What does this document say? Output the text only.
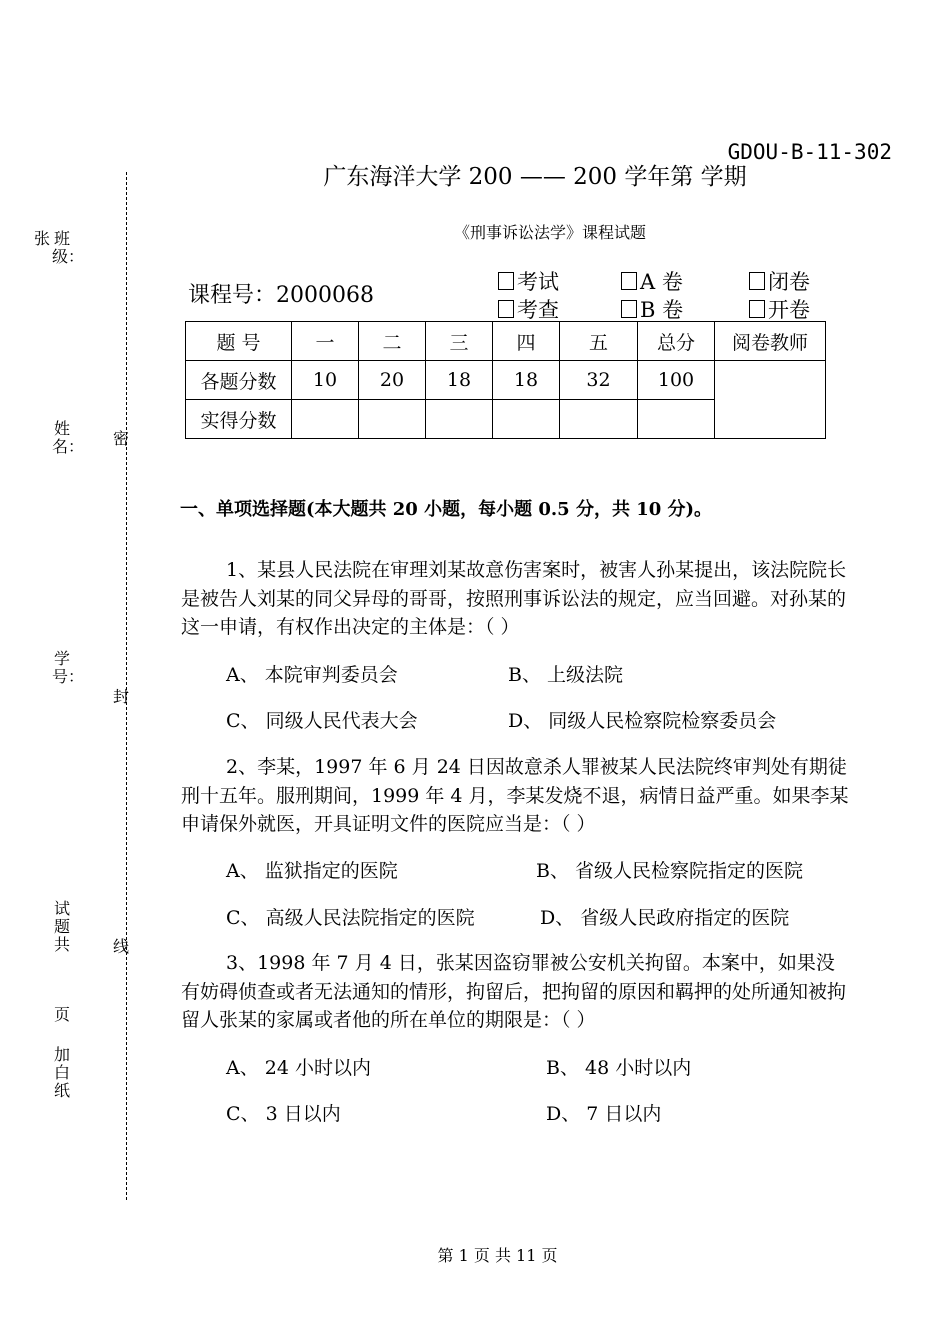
GDOU-B-11-302
广东海洋大学 200 —— 200 学年第 学期
《刑事诉讼法学》课程试题
课程号：2000068
考试
考查
A 卷
B 卷
闭卷
开卷
题 号	一	二	三	四	五	总分	阅卷教师
各题分数	10	20	18	18	32	100	
实得分数							
一、单项选择题(本大题共 20 小题，每小题 0.5 分，共 10 分)。
1、某县人民法院在审理刘某故意伤害案时，被害人孙某提出，该法院院长是被告人刘某的同父异母的哥哥，按照刑事诉讼法的规定，应当回避。对孙某的这一申请，有权作出决定的主体是：（ ）
A、 本院审判委员会	B、 上级法院
C、 同级人民代表大会	D、 同级人民检察院检察委员会
2、李某，1997 年 6 月 24 日因故意杀人罪被某人民法院终审判处有期徒刑十五年。服刑期间，1999 年 4 月，李某发烧不退，病情日益严重。如果李某申请保外就医，开具证明文件的医院应当是：（ ）
A、 监狱指定的医院	B、 省级人民检察院指定的医院
C、 高级人民法院指定的医院	D、 省级人民政府指定的医院
3、1998 年 7 月 4 日，张某因盗窃罪被公安机关拘留。本案中，如果没有妨碍侦查或者无法通知的情形，拘留后，把拘留的原因和羁押的处所通知被拘留人张某的家属或者他的所在单位的期限是：（ ）
A、 24 小时以内	B、 48 小时以内
C、 3 日以内	D、 7 日以内
张 班级：
姓名：
学号：
试题共
页
加白纸
密
封
线
第 1 页 共 11 页
